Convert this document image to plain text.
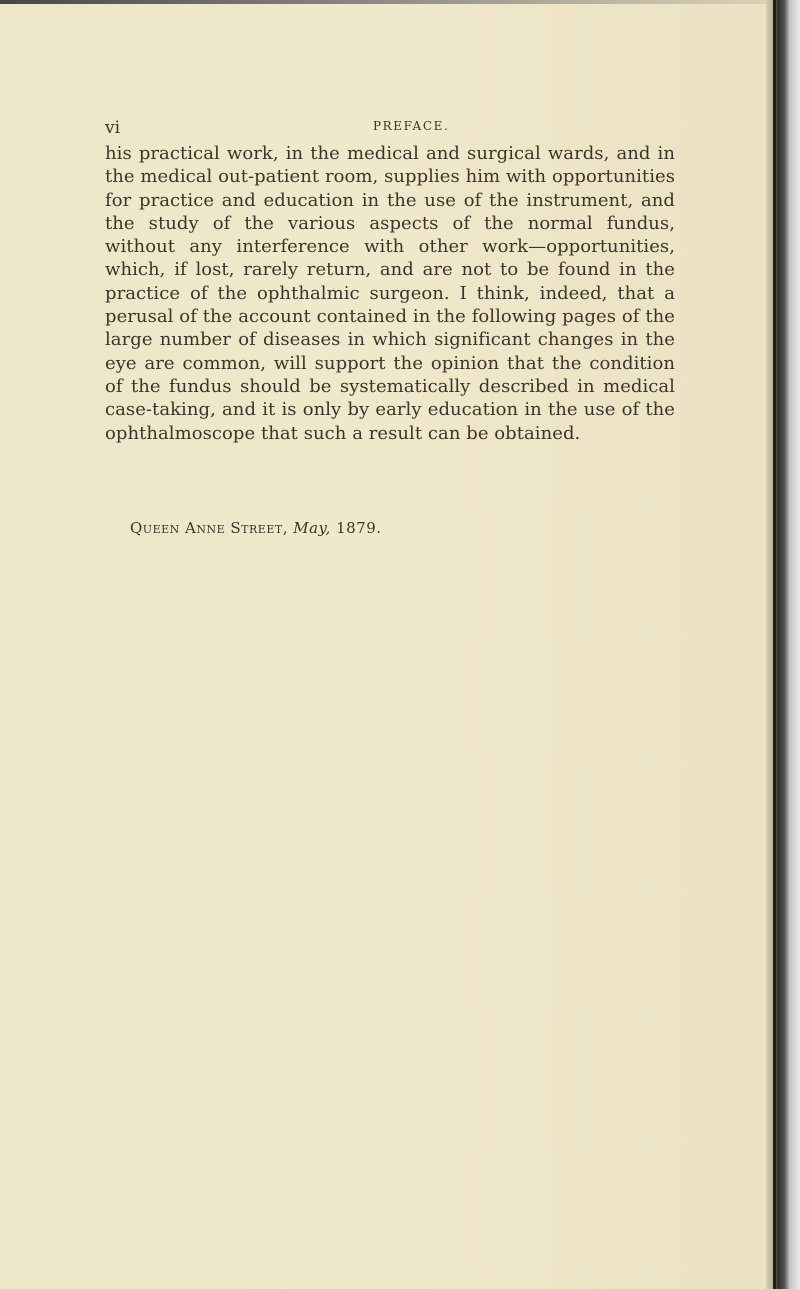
vi	PREFACE.

his practical work, in the medical and surgical wards, and in the medical out-patient room, supplies him with opportunities for practice and education in the use of the instrument, and the study of the various aspects of the normal fundus, without any interference with other work—opportunities, which, if lost, rarely return, and are not to be found in the practice of the ophthalmic surgeon. I think, indeed, that a perusal of the account contained in the following pages of the large number of diseases in which significant changes in the eye are common, will support the opinion that the condition of the fundus should be systematically described in medical case-taking, and it is only by early education in the use of the ophthalmoscope that such a result can be obtained.

Queen Anne Street, May, 1879.
